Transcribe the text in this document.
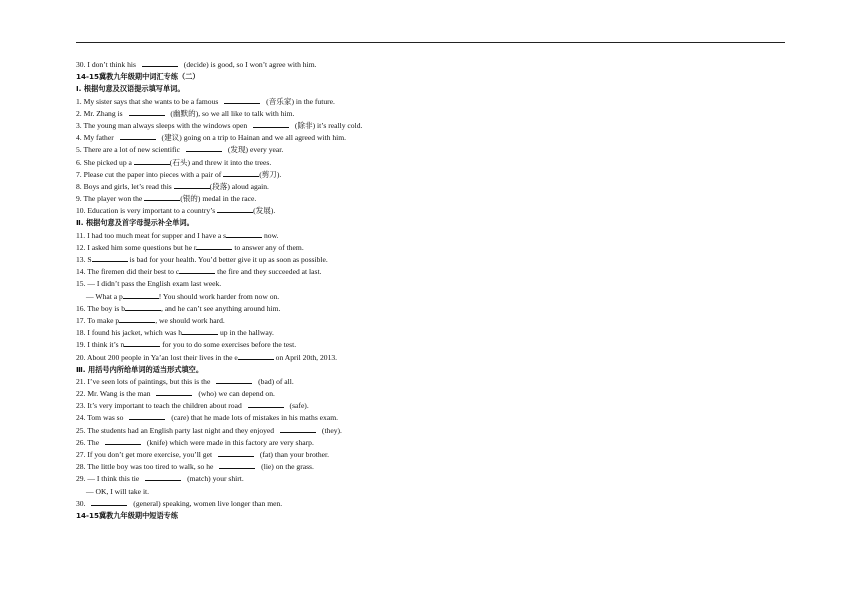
30. I don’t think his	(decide) is good, so I won’t agree with him.
14-15冀教九年级期中词汇专练（二）
Ⅰ. 根据句意及汉语提示填写单词。
1. My sister says that she wants to be a famous	(音乐家) in the future.
2. Mr. Zhang is	(幽默的), so we all like to talk with him.
3. The young man always sleeps with the windows open	(除非) it’s really cold.
4. My father	(建议) going on a trip to Hainan and we all agreed with him.
5. There are a lot of new scientific	(发现) every year.
6. She picked up a	(石头) and threw it into the trees.
7. Please cut the paper into pieces with a pair of	(剪刀).
8. Boys and girls, let’s read this	(段落) aloud again.
9. The player won the	(银的) medal in the race.
10. Education is very important to a country’s	(发展).
Ⅱ. 根据句意及首字母提示补全单词。
11. I had too much meat for supper and I have a s	now.
12. I asked him some questions but he r	to answer any of them.
13. S	is bad for your health. You’d better give it up as soon as possible.
14. The firemen did their best to c	the fire and they succeeded at last.
15. — I didn’t pass the English exam last week.
— What a p	! You should work harder from now on.
16. The boy is b	, and he can’t see anything around him.
17. To make p	, we should work hard.
18. I found his jacket, which was h	up in the hallway.
19. I think it’s n	for you to do some exercises before the test.
20. About 200 people in Ya’an lost their lives in the e	on April 20th, 2013.
Ⅲ. 用括号内所给单词的适当形式填空。
21. I’ve seen lots of paintings, but this is the	(bad) of all.
22. Mr. Wang is the man	(who) we can depend on.
23. It’s very important to teach the children about road	(safe).
24. Tom was so	(care) that he made lots of mistakes in his maths exam.
25. The students had an English party last night and they enjoyed	(they).
26. The	(knife) which were made in this factory are very sharp.
27. If you don’t get more exercise, you’ll get	(fat) than your brother.
28. The little boy was too tired to walk, so he	(lie) on the grass.
29. — I think this tie	(match) your shirt.
— OK, I will take it.
30.	(general) speaking, women live longer than men.
14-15冀教九年级期中短语专练
